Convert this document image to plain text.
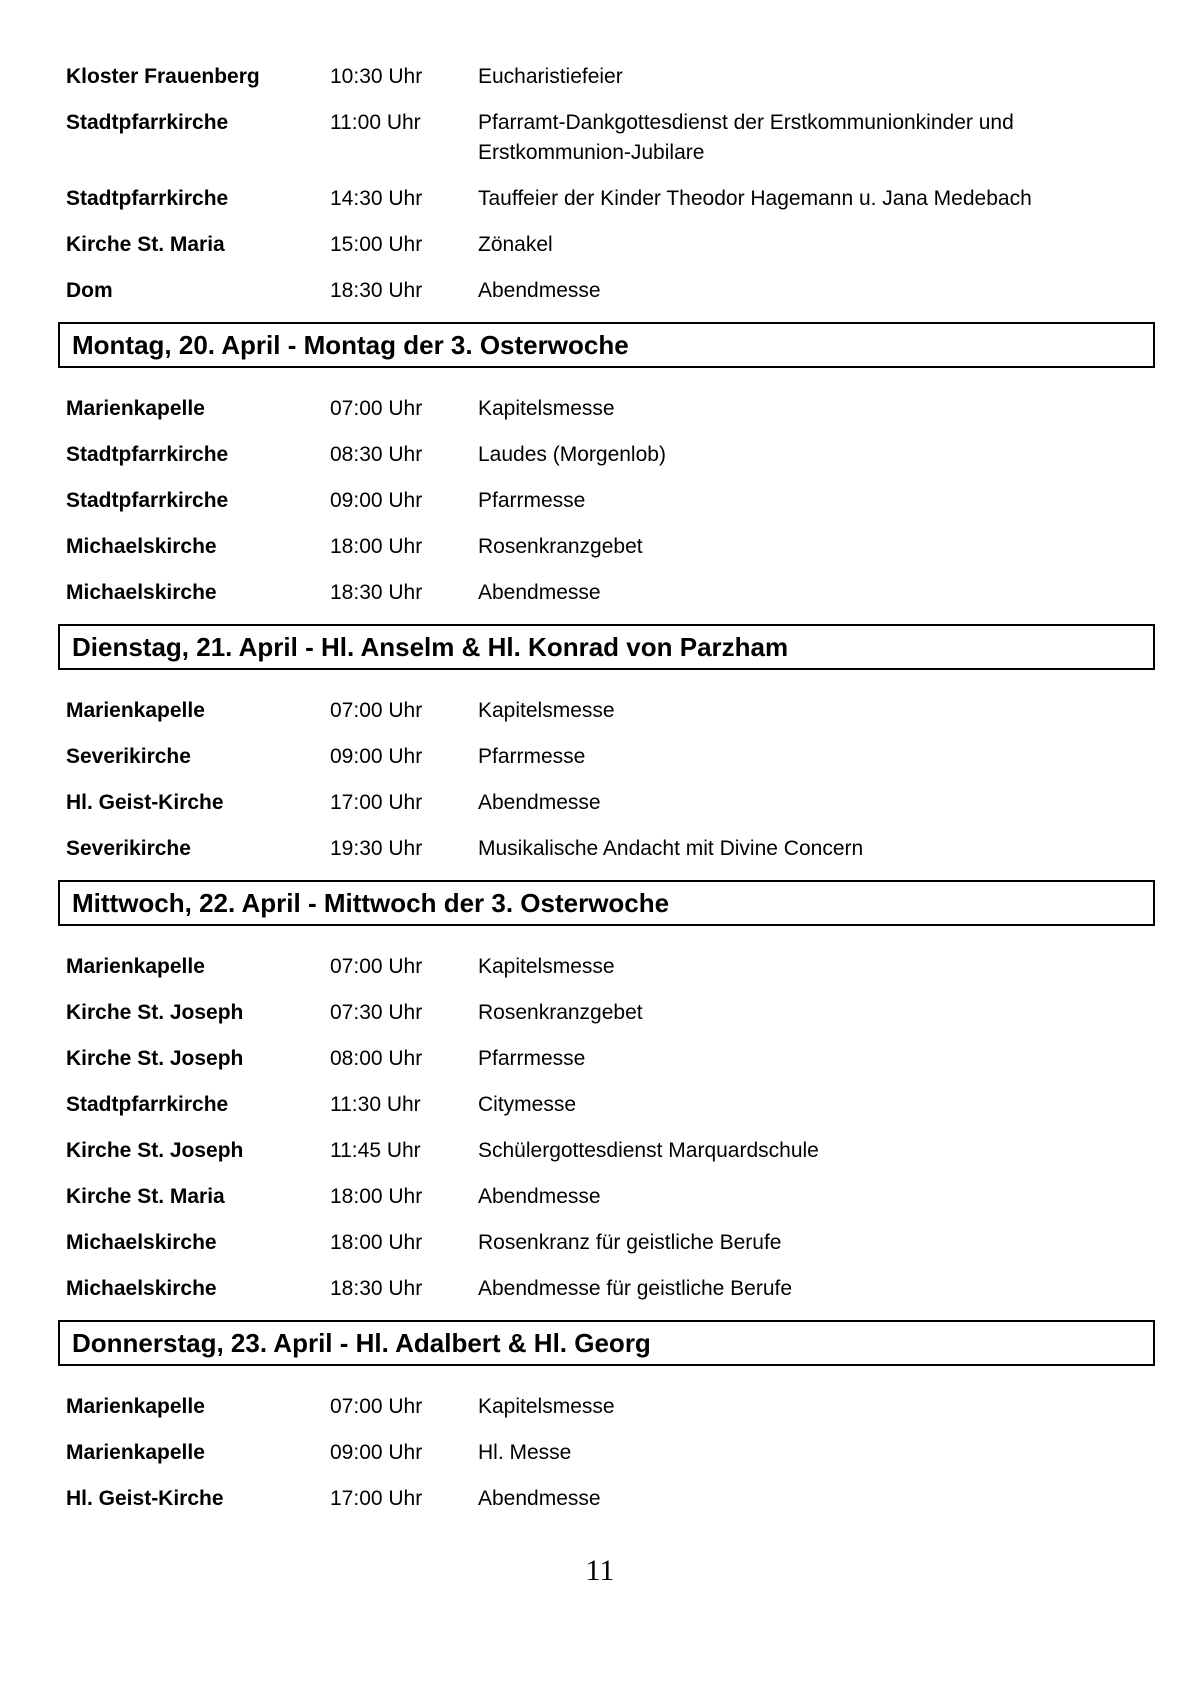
Kloster Frauenberg	10:30 Uhr	Eucharistiefeier
Stadtpfarrkirche	11:00 Uhr	Pfarramt-Dankgottesdienst der Erstkommunionkinder und
Erstkommunion-Jubilare
Stadtpfarrkirche	14:30 Uhr	Tauffeier der Kinder Theodor Hagemann u. Jana Medebach
Kirche St. Maria	15:00 Uhr	Zönakel
Dom	18:30 Uhr	Abendmesse
Montag, 20. April - Montag der 3. Osterwoche
Marienkapelle	07:00 Uhr	Kapitelsmesse
Stadtpfarrkirche	08:30 Uhr	Laudes (Morgenlob)
Stadtpfarrkirche	09:00 Uhr	Pfarrmesse
Michaelskirche	18:00 Uhr	Rosenkranzgebet
Michaelskirche	18:30 Uhr	Abendmesse
Dienstag, 21. April - Hl. Anselm & Hl. Konrad von Parzham
Marienkapelle	07:00 Uhr	Kapitelsmesse
Severikirche	09:00 Uhr	Pfarrmesse
Hl. Geist-Kirche	17:00 Uhr	Abendmesse
Severikirche	19:30 Uhr	Musikalische Andacht mit Divine Concern
Mittwoch, 22. April - Mittwoch der 3. Osterwoche
Marienkapelle	07:00 Uhr	Kapitelsmesse
Kirche St. Joseph	07:30 Uhr	Rosenkranzgebet
Kirche St. Joseph	08:00 Uhr	Pfarrmesse
Stadtpfarrkirche	11:30 Uhr	Citymesse
Kirche St. Joseph	11:45 Uhr	Schülergottesdienst Marquardschule
Kirche St. Maria	18:00 Uhr	Abendmesse
Michaelskirche	18:00 Uhr	Rosenkranz für geistliche Berufe
Michaelskirche	18:30 Uhr	Abendmesse für geistliche Berufe
Donnerstag, 23. April - Hl. Adalbert & Hl. Georg
Marienkapelle	07:00 Uhr	Kapitelsmesse
Marienkapelle	09:00 Uhr	Hl. Messe
Hl. Geist-Kirche	17:00 Uhr	Abendmesse
11
